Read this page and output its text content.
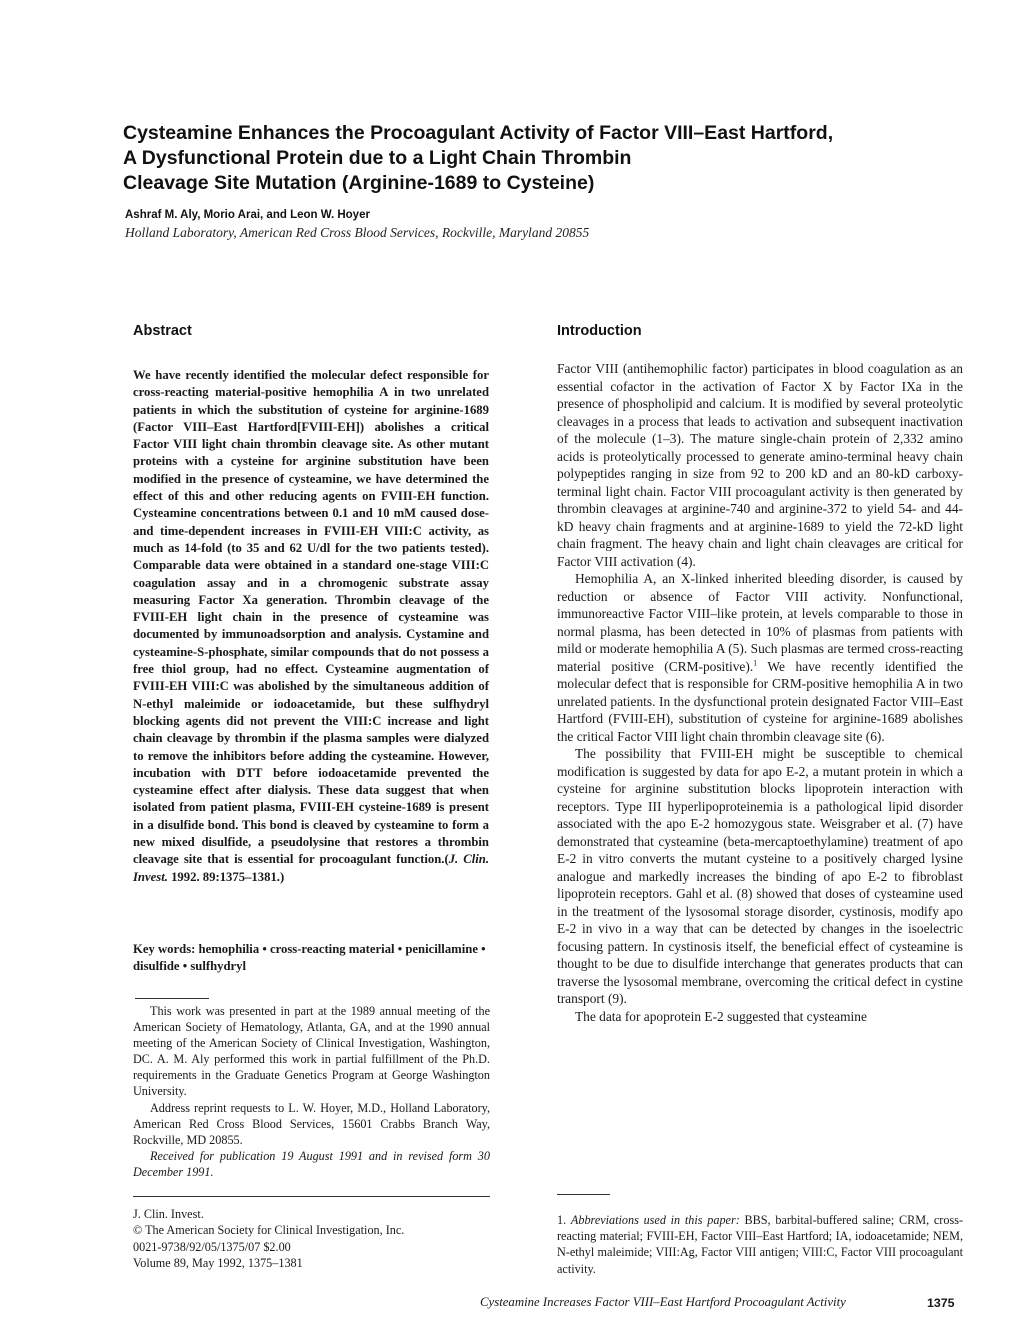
Cysteamine Enhances the Procoagulant Activity of Factor VIII–East Hartford,
A Dysfunctional Protein due to a Light Chain Thrombin
Cleavage Site Mutation (Arginine-1689 to Cysteine)
Ashraf M. Aly, Morio Arai, and Leon W. Hoyer
Holland Laboratory, American Red Cross Blood Services, Rockville, Maryland 20855
Abstract

We have recently identified the molecular defect responsible for cross-reacting material-positive hemophilia A in two unrelated patients in which the substitution of cysteine for arginine-1689 (Factor VIII–East Hartford[FVIII-EH]) abolishes a critical Factor VIII light chain thrombin cleavage site. As other mutant proteins with a cysteine for arginine substitution have been modified in the presence of cysteamine, we have determined the effect of this and other reducing agents on FVIII-EH function. Cysteamine concentrations between 0.1 and 10 mM caused dose- and time-dependent increases in FVIII-EH VIII:C activity, as much as 14-fold (to 35 and 62 U/dl for the two patients tested). Comparable data were obtained in a standard one-stage VIII:C coagulation assay and in a chromogenic substrate assay measuring Factor Xa generation. Thrombin cleavage of the FVIII-EH light chain in the presence of cysteamine was documented by immunoadsorption and analysis. Cystamine and cysteamine-S-phosphate, similar compounds that do not possess a free thiol group, had no effect. Cysteamine augmentation of FVIII-EH VIII:C was abolished by the simultaneous addition of N-ethyl maleimide or iodoacetamide, but these sulfhydryl blocking agents did not prevent the VIII:C increase and light chain cleavage by thrombin if the plasma samples were dialyzed to remove the inhibitors before adding the cysteamine. However, incubation with DTT before iodoacetamide prevented the cysteamine effect after dialysis. These data suggest that when isolated from patient plasma, FVIII-EH cysteine-1689 is present in a disulfide bond. This bond is cleaved by cysteamine to form a new mixed disulfide, a pseudolysine that restores a thrombin cleavage site that is essential for procoagulant function.(J. Clin. Invest. 1992. 89:1375–1381.)

Key words: hemophilia • cross-reacting material • penicillamine • disulfide • sulfhydryl

This work was presented in part at the 1989 annual meeting of the American Society of Hematology, Atlanta, GA, and at the 1990 annual meeting of the American Society of Clinical Investigation, Washington, DC. A. M. Aly performed this work in partial fulfillment of the Ph.D. requirements in the Graduate Genetics Program at George Washington University.

Address reprint requests to L. W. Hoyer, M.D., Holland Laboratory, American Red Cross Blood Services, 15601 Crabbs Branch Way, Rockville, MD 20855.

Received for publication 19 August 1991 and in revised form 30 December 1991.

J. Clin. Invest.
© The American Society for Clinical Investigation, Inc.
0021-9738/92/05/1375/07 $2.00
Volume 89, May 1992, 1375–1381
Introduction

Factor VIII (antihemophilic factor) participates in blood coagulation as an essential cofactor in the activation of Factor X by Factor IXa in the presence of phospholipid and calcium. It is modified by several proteolytic cleavages in a process that leads to activation and subsequent inactivation of the molecule (1–3). The mature single-chain protein of 2,332 amino acids is proteolytically processed to generate amino-terminal heavy chain polypeptides ranging in size from 92 to 200 kD and an 80-kD carboxy-terminal light chain. Factor VIII procoagulant activity is then generated by thrombin cleavages at arginine-740 and arginine-372 to yield 54- and 44-kD heavy chain fragments and at arginine-1689 to yield the 72-kD light chain fragment. The heavy chain and light chain cleavages are critical for Factor VIII activation (4).

Hemophilia A, an X-linked inherited bleeding disorder, is caused by reduction or absence of Factor VIII activity. Nonfunctional, immunoreactive Factor VIII–like protein, at levels comparable to those in normal plasma, has been detected in 10% of plasmas from patients with mild or moderate hemophilia A (5). Such plasmas are termed cross-reacting material positive (CRM-positive).$^1$ We have recently identified the molecular defect that is responsible for CRM-positive hemophilia A in two unrelated patients. In the dysfunctional protein designated Factor VIII–East Hartford (FVIII-EH), substitution of cysteine for arginine-1689 abolishes the critical Factor VIII light chain thrombin cleavage site (6).

The possibility that FVIII-EH might be susceptible to chemical modification is suggested by data for apo E-2, a mutant protein in which a cysteine for arginine substitution blocks lipoprotein interaction with receptors. Type III hyperlipoproteinemia is a pathological lipid disorder associated with the apo E-2 homozygous state. Weisgraber et al. (7) have demonstrated that cysteamine (beta-mercaptoethylamine) treatment of apo E-2 in vitro converts the mutant cysteine to a positively charged lysine analogue and markedly increases the binding of apo E-2 to fibroblast lipoprotein receptors. Gahl et al. (8) showed that doses of cysteamine used in the treatment of the lysosomal storage disorder, cystinosis, modify apo E-2 in vivo in a way that can be detected by changes in the isoelectric focusing pattern. In cystinosis itself, the beneficial effect of cysteamine is thought to be due to disulfide interchange that generates products that can traverse the lysosomal membrane, overcoming the critical defect in cystine transport (9).

The data for apoprotein E-2 suggested that cysteamine

1. Abbreviations used in this paper: BBS, barbital-buffered saline; CRM, cross-reacting material; FVIII-EH, Factor VIII–East Hartford; IA, iodoacetamide; NEM, N-ethyl maleimide; VIII:Ag, Factor VIII antigen; VIII:C, Factor VIII procoagulant activity.

Cysteamine Increases Factor VIII–East Hartford Procoagulant Activity	1375
